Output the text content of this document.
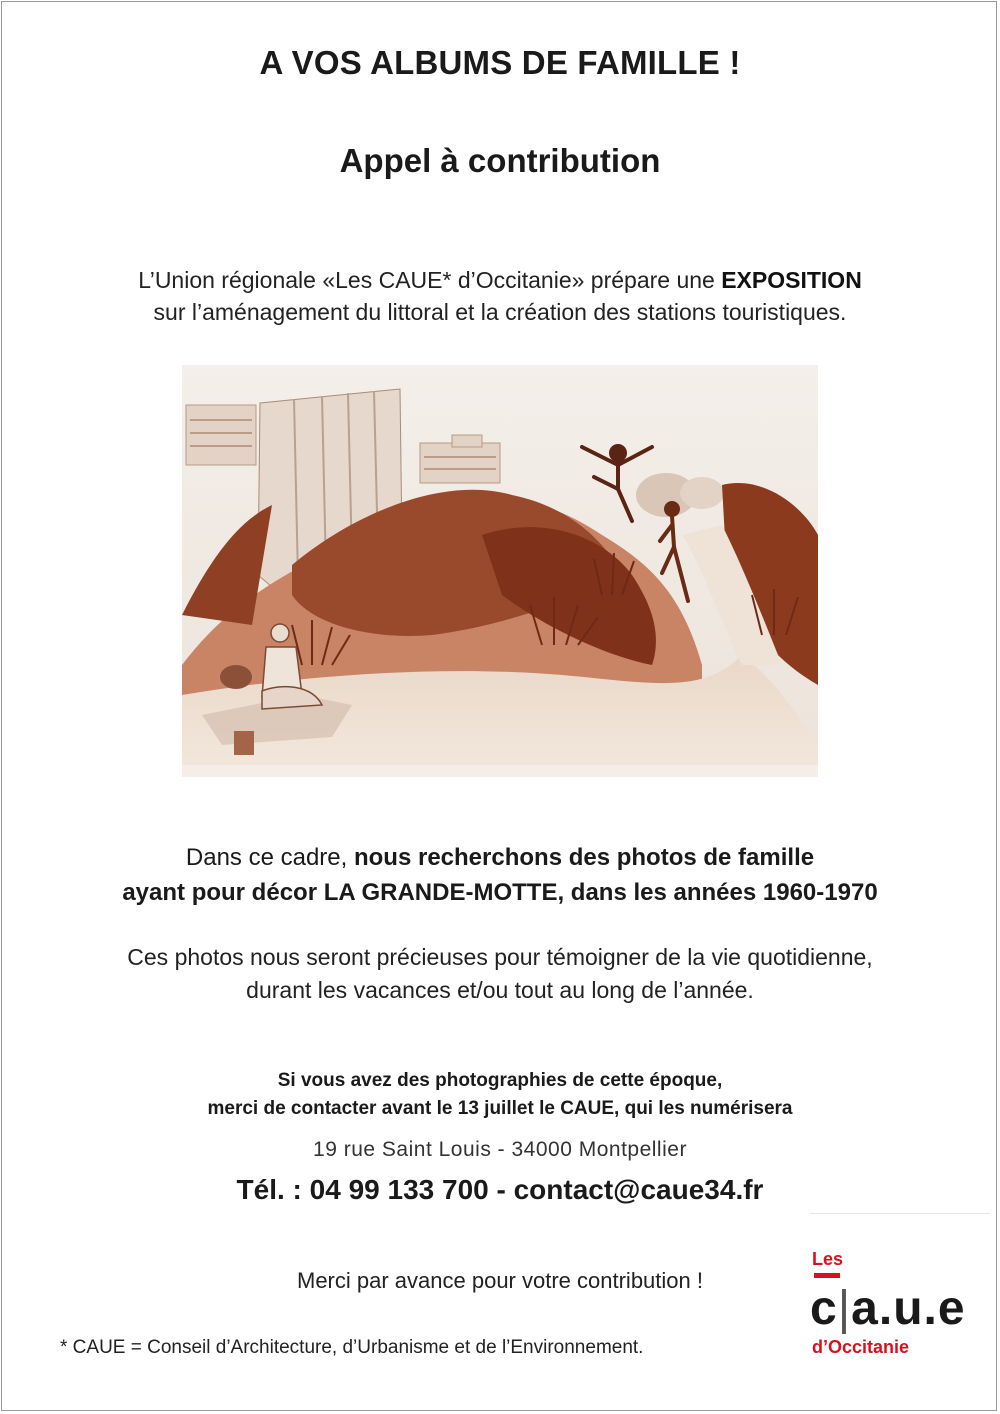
A VOS ALBUMS DE FAMILLE !
Appel à contribution
L’Union régionale «Les CAUE* d’Occitanie» prépare une EXPOSITION
sur l’aménagement du littoral et la création des stations touristiques.
Dans ce cadre, nous recherchons des photos de famille
ayant pour décor LA GRANDE-MOTTE, dans les années 1960-1970
Ces photos nous seront précieuses pour témoigner de la vie quotidienne,
durant les vacances et/ou tout au long de l’année.
Si vous avez des photographies de cette époque,
merci de contacter avant le 13 juillet le CAUE, qui les numérisera
19 rue Saint Louis - 34000 Montpellier
Tél. : 04 99 133 700 - contact@caue34.fr
Merci par avance pour votre contribution !
* CAUE = Conseil d’Architecture, d’Urbanisme et de l’Environnement.
Les
c|a.u.e
d’Occitanie
